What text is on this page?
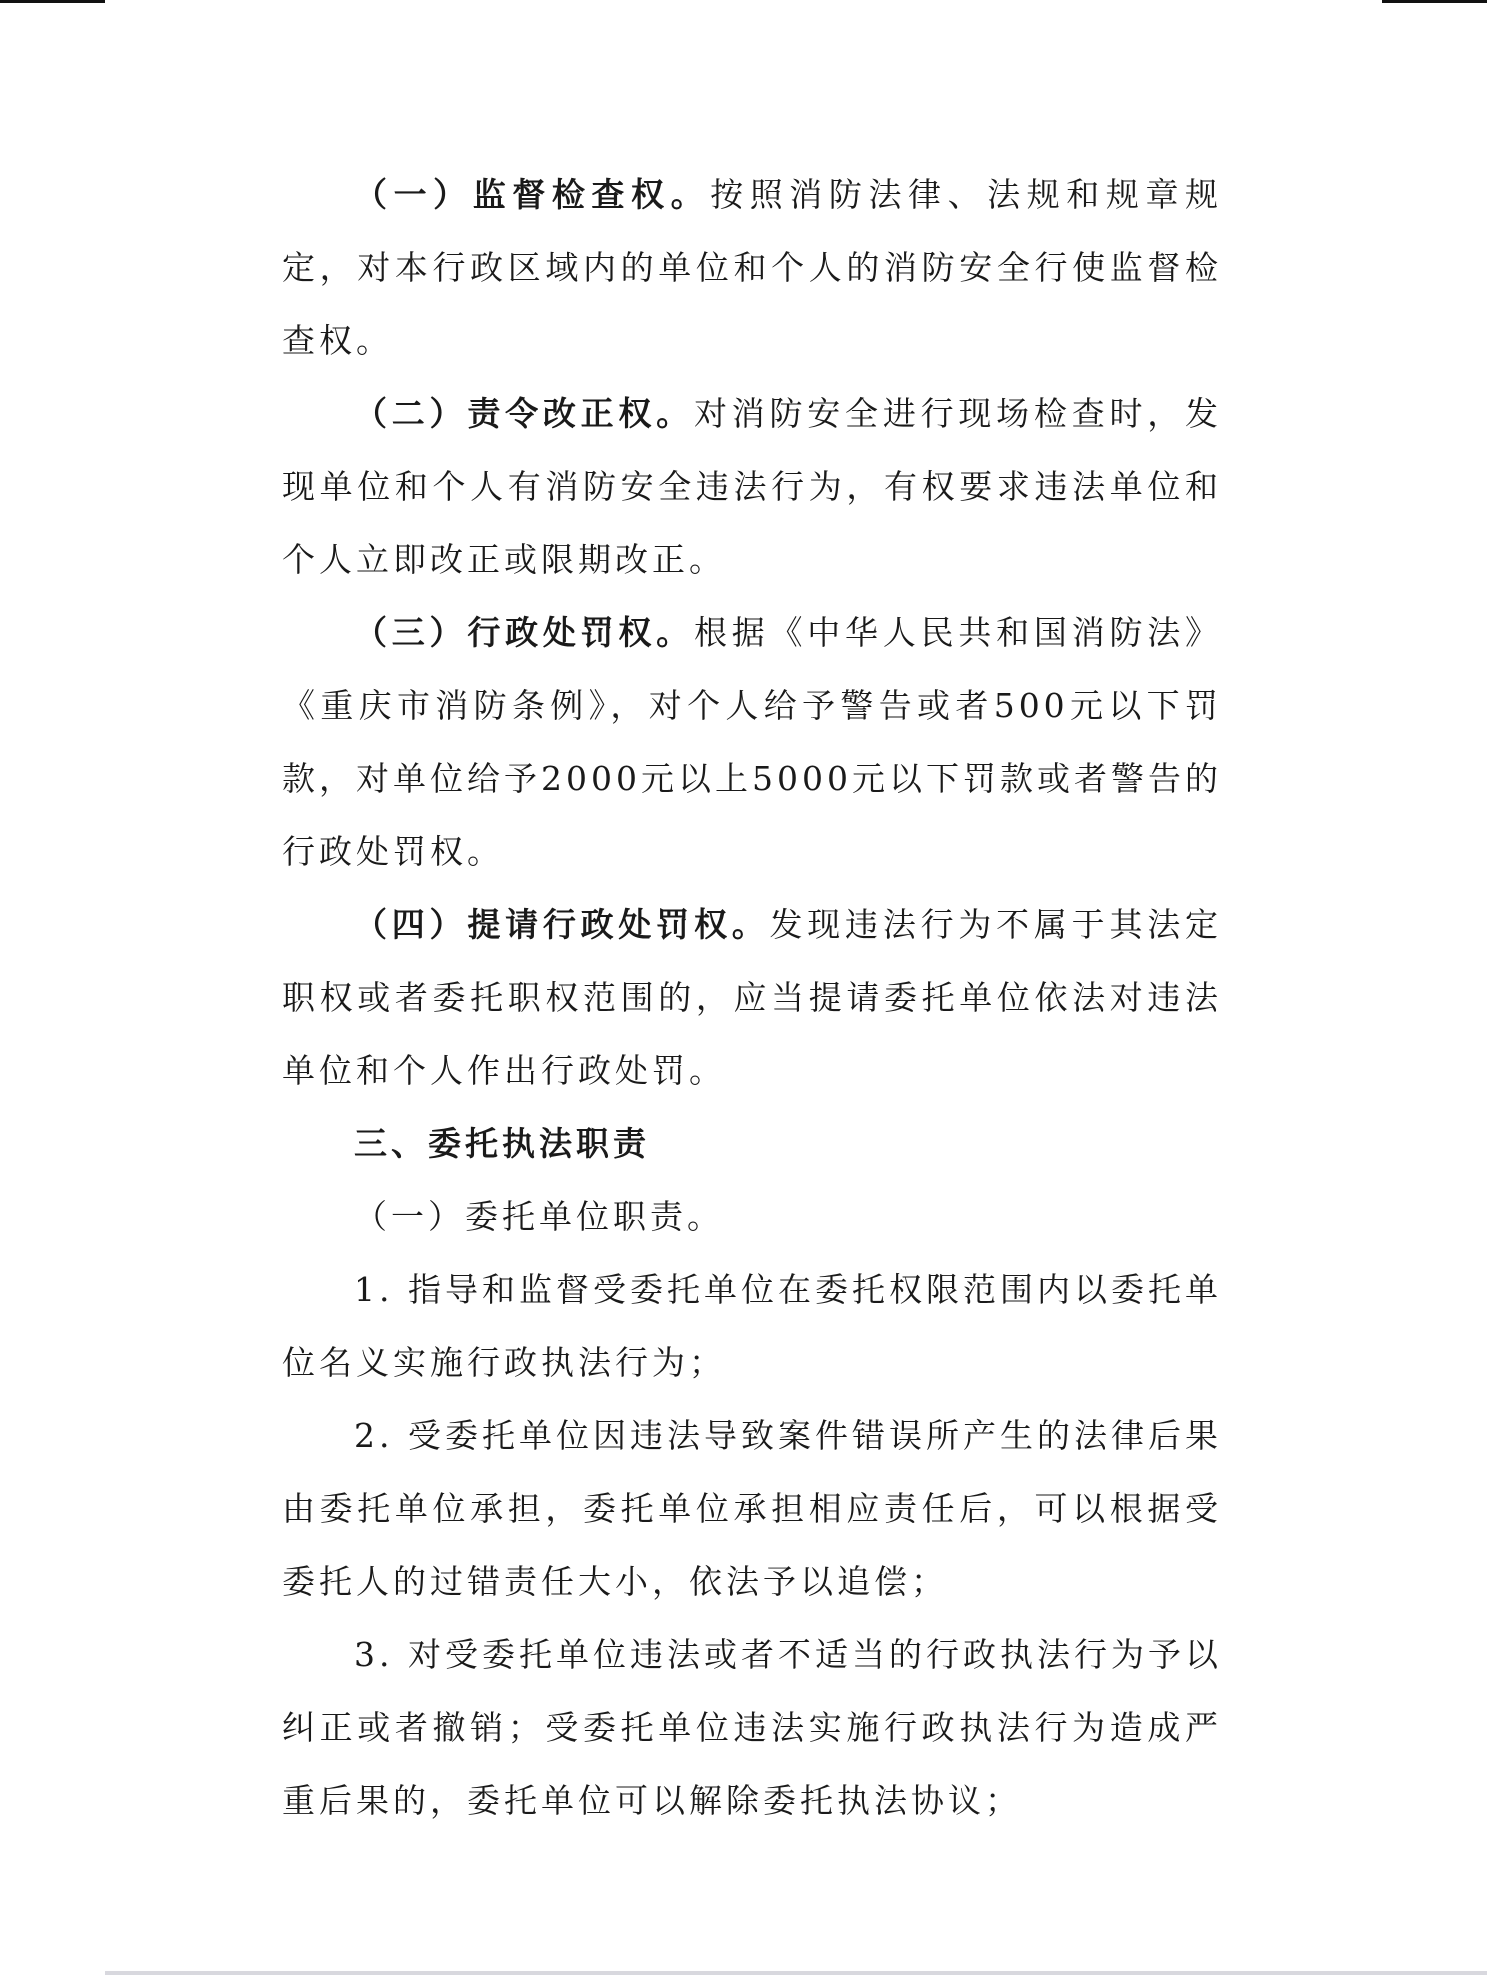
（一）监督检查权。按照消防法律、法规和规章规定，对本行政区域内的单位和个人的消防安全行使监督检查权。

（二）责令改正权。对消防安全进行现场检查时，发现单位和个人有消防安全违法行为，有权要求违法单位和个人立即改正或限期改正。

（三）行政处罚权。根据《中华人民共和国消防法》《重庆市消防条例》，对个人给予警告或者500元以下罚款，对单位给予2000元以上5000元以下罚款或者警告的行政处罚权。

（四）提请行政处罚权。发现违法行为不属于其法定职权或者委托职权范围的，应当提请委托单位依法对违法单位和个人作出行政处罚。

三、委托执法职责

（一）委托单位职责。

1. 指导和监督受委托单位在委托权限范围内以委托单位名义实施行政执法行为；

2. 受委托单位因违法导致案件错误所产生的法律后果由委托单位承担，委托单位承担相应责任后，可以根据受委托人的过错责任大小，依法予以追偿；

3. 对受委托单位违法或者不适当的行政执法行为予以纠正或者撤销；受委托单位违法实施行政执法行为造成严重后果的，委托单位可以解除委托执法协议；
